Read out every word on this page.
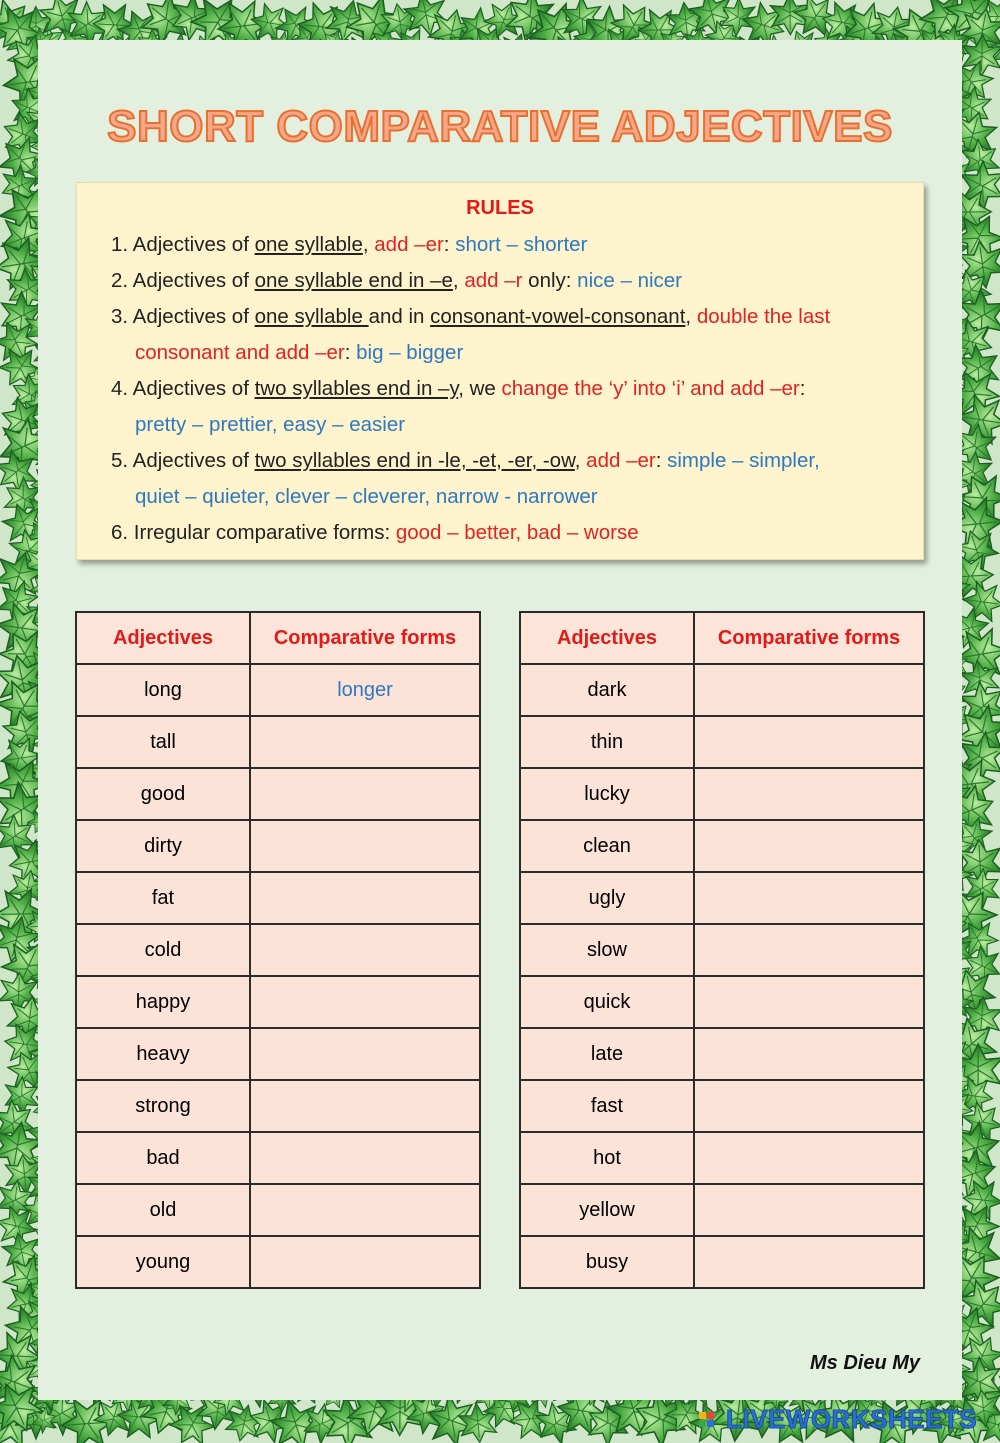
SHORT COMPARATIVE ADJECTIVES
RULES
1. Adjectives of one syllable, add –er: short – shorter
2. Adjectives of one syllable end in –e, add –r only: nice – nicer
3. Adjectives of one syllable and in consonant-vowel-consonant, double the last
consonant and add –er: big – bigger
4. Adjectives of two syllables end in –y, we change the ‘y’ into ‘i’ and add –er:
pretty – prettier, easy – easier
5. Adjectives of two syllables end in -le, -et, -er, -ow, add –er: simple – simpler,
quiet – quieter, clever – cleverer, narrow - narrower
6. Irregular comparative forms: good – better, bad – worse
Adjectives	Comparative forms
long	longer
tall	
good	
dirty	
fat	
cold	
happy	
heavy	
strong	
bad	
old	
young	
Adjectives	Comparative forms
dark	
thin	
lucky	
clean	
ugly	
slow	
quick	
late	
fast	
hot	
yellow	
busy	
Ms Dieu My
LIVEWORKSHEETS
